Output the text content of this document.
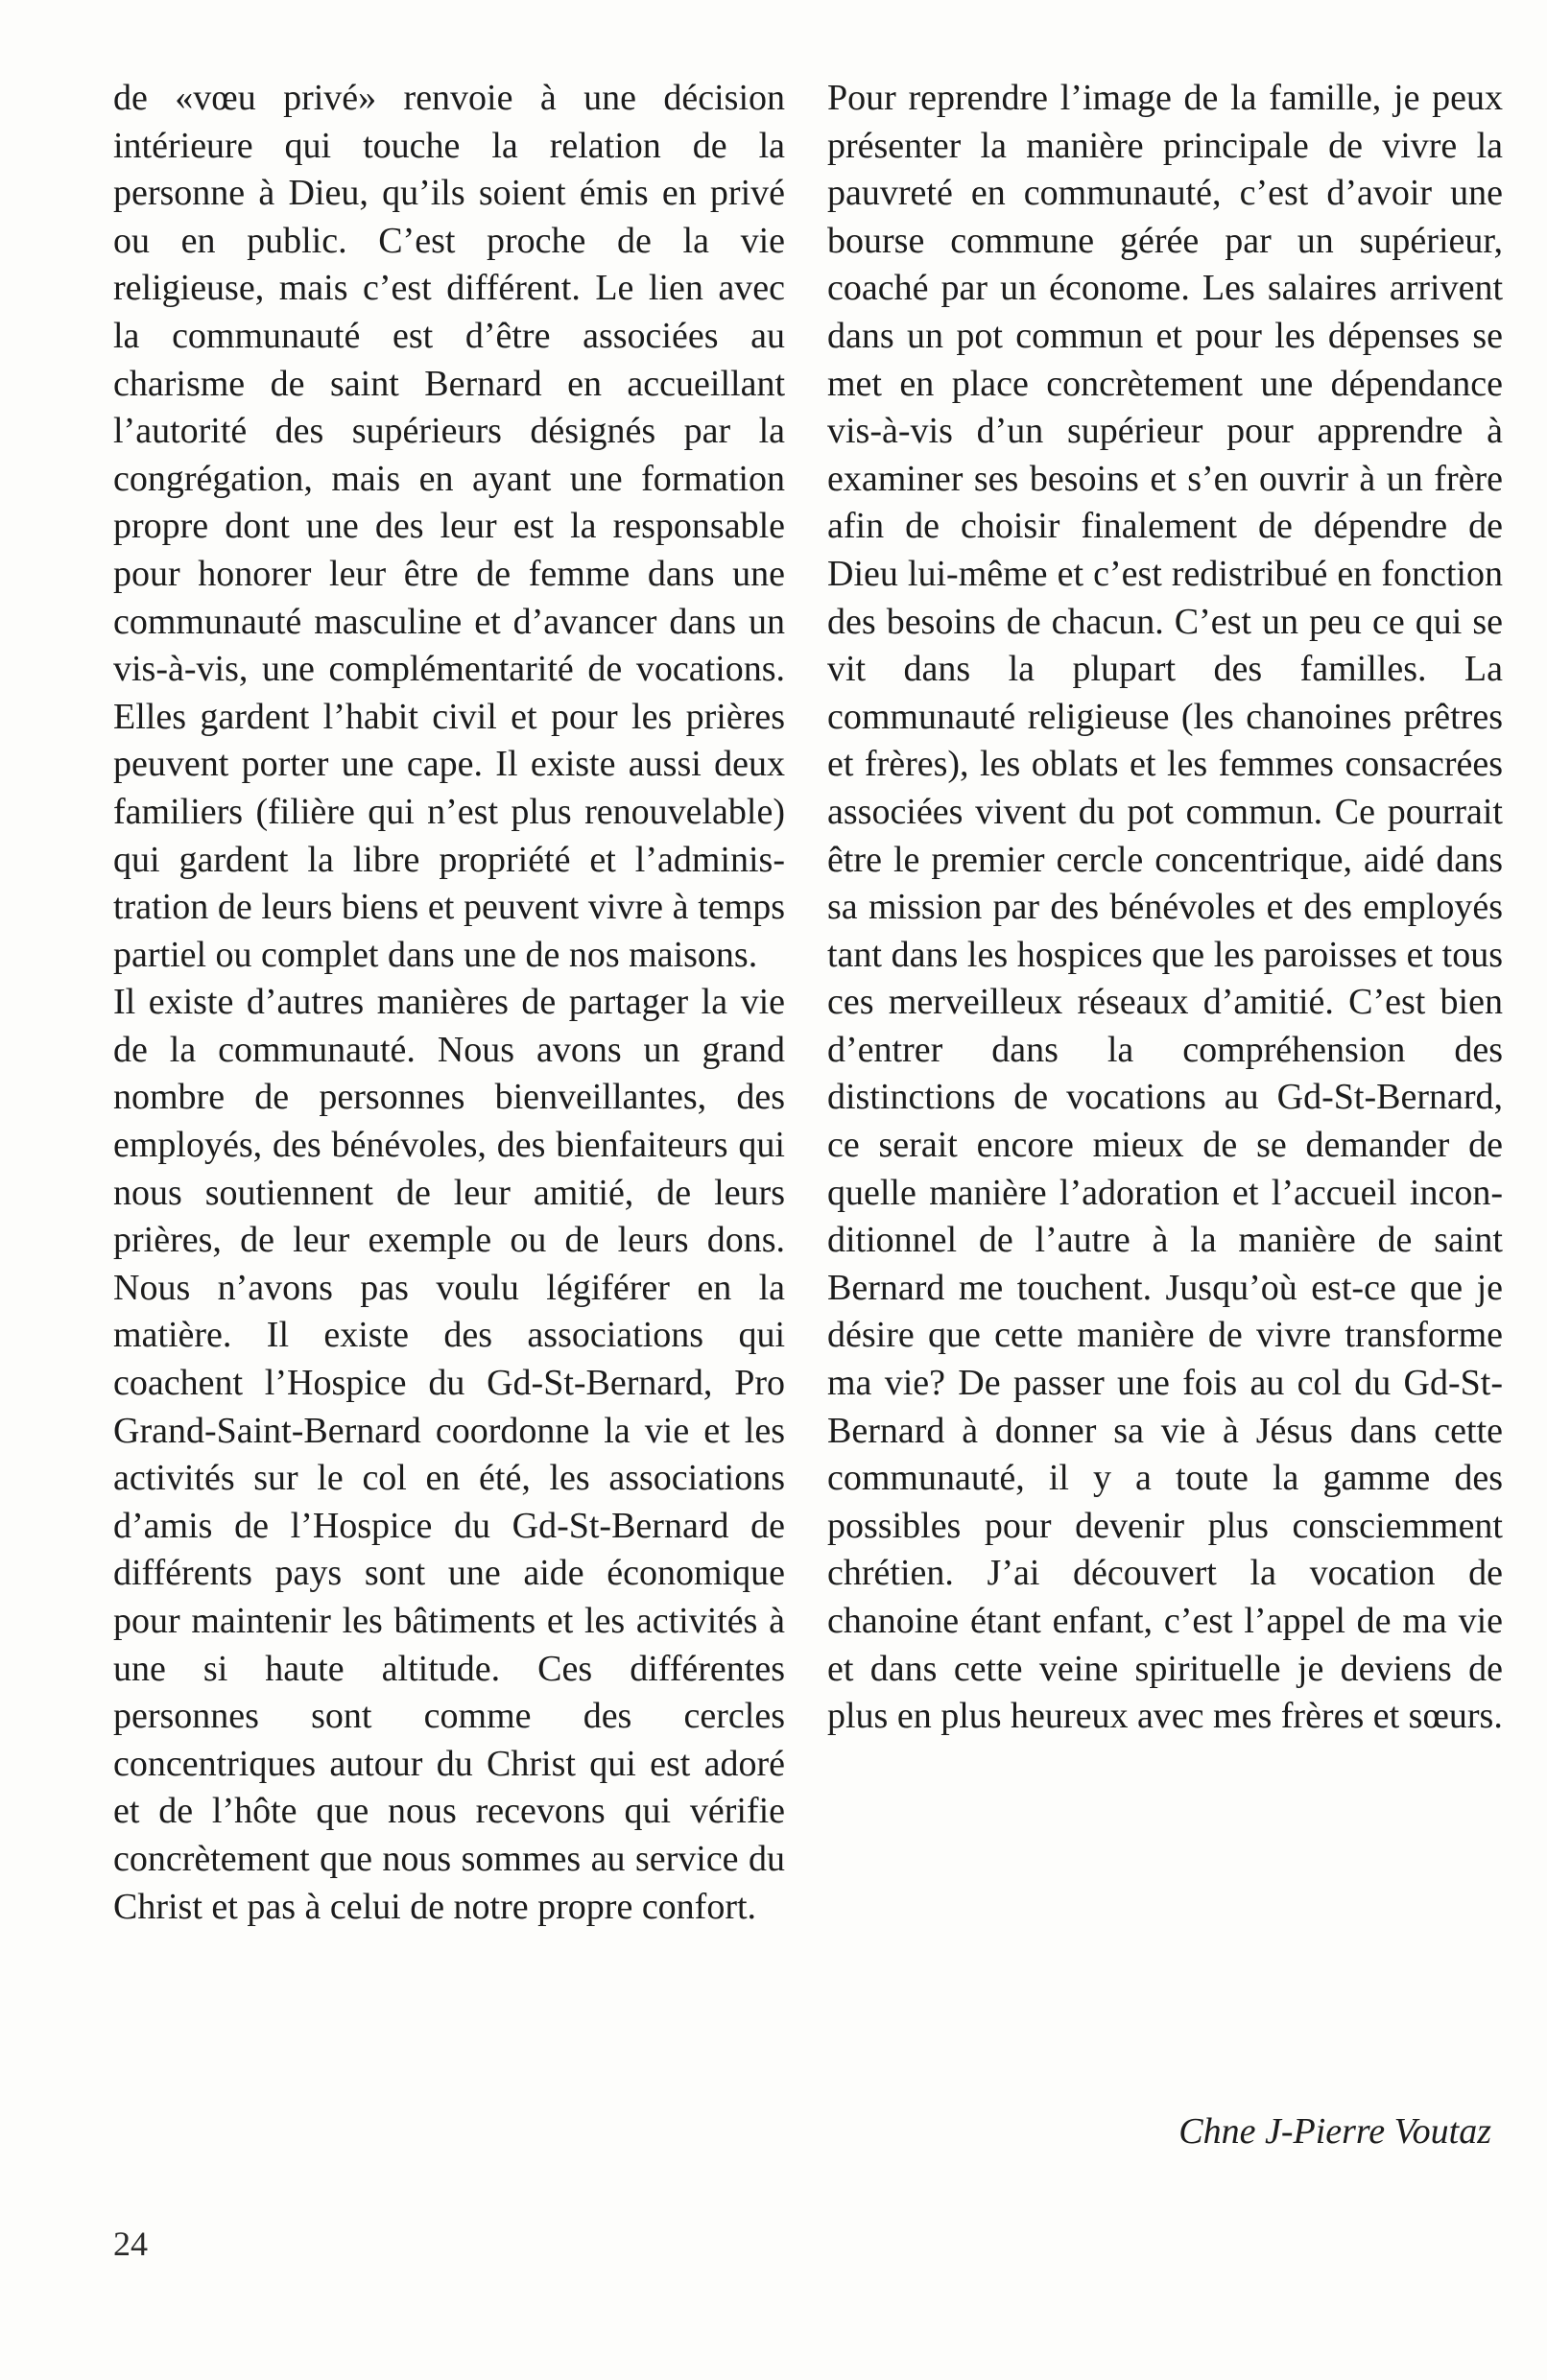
de «vœu privé» renvoie à une décision intérieure qui touche la relation de la personne à Dieu, qu’ils soient émis en privé ou en public. C’est proche de la vie religieuse, mais c’est différent. Le lien avec la communauté est d’être associées au charisme de saint Bernard en accueillant l’autorité des supérieurs désignés par la congrégation, mais en ayant une formation propre dont une des leur est la responsable pour honorer leur être de femme dans une communauté masculine et d’avancer dans un vis-à-vis, une complémentarité de vocations. Elles gardent l’habit civil et pour les prières peuvent porter une cape. Il existe aussi deux familiers (filière qui n’est plus renouvelable) qui gardent la libre propriété et l’administration de leurs biens et peuvent vivre à temps partiel ou complet dans une de nos maisons.

Il existe d’autres manières de partager la vie de la communauté. Nous avons un grand nombre de personnes bienveillantes, des employés, des bénévoles, des bienfaiteurs qui nous soutiennent de leur amitié, de leurs prières, de leur exemple ou de leurs dons. Nous n’avons pas voulu légiférer en la matière. Il existe des associations qui coachent l’Hospice du Gd-St-Bernard, Pro Grand-Saint-Bernard coordonne la vie et les activités sur le col en été, les associations d’amis de l’Hospice du Gd-St-Bernard de différents pays sont une aide économique pour maintenir les bâtiments et les activités à une si haute altitude. Ces différentes personnes sont comme des cercles concentriques autour du Christ qui est adoré et de l’hôte que nous recevons qui vérifie concrètement que nous sommes au service du Christ et pas à celui de notre propre confort.

Pour reprendre l’image de la famille, je peux présenter la manière principale de vivre la pauvreté en communauté, c’est d’avoir une bourse commune gérée par un supérieur, coaché par un économe. Les salaires arrivent dans un pot commun et pour les dépenses se met en place concrètement une dépendance vis-à-vis d’un supérieur pour apprendre à examiner ses besoins et s’en ouvrir à un frère afin de choisir finalement de dépendre de Dieu lui-même et c’est redistribué en fonction des besoins de chacun. C’est un peu ce qui se vit dans la plupart des familles. La communauté religieuse (les chanoines prêtres et frères), les oblats et les femmes consacrées associées vivent du pot commun. Ce pourrait être le premier cercle concentrique, aidé dans sa mission par des bénévoles et des employés tant dans les hospices que les paroisses et tous ces merveilleux réseaux d’amitié. C’est bien d’entrer dans la compréhension des distinctions de vocations au Gd-St-Bernard, ce serait encore mieux de se demander de quelle manière l’adoration et l’accueil inconditionnel de l’autre à la manière de saint Bernard me touchent. Jusqu’où est-ce que je désire que cette manière de vivre transforme ma vie? De passer une fois au col du Gd-St-Bernard à donner sa vie à Jésus dans cette communauté, il y a toute la gamme des possibles pour devenir plus consciemment chrétien. J’ai découvert la vocation de chanoine étant enfant, c’est l’appel de ma vie et dans cette veine spirituelle je deviens de plus en plus heureux avec mes frères et sœurs.

Chne J-Pierre Voutaz
24
